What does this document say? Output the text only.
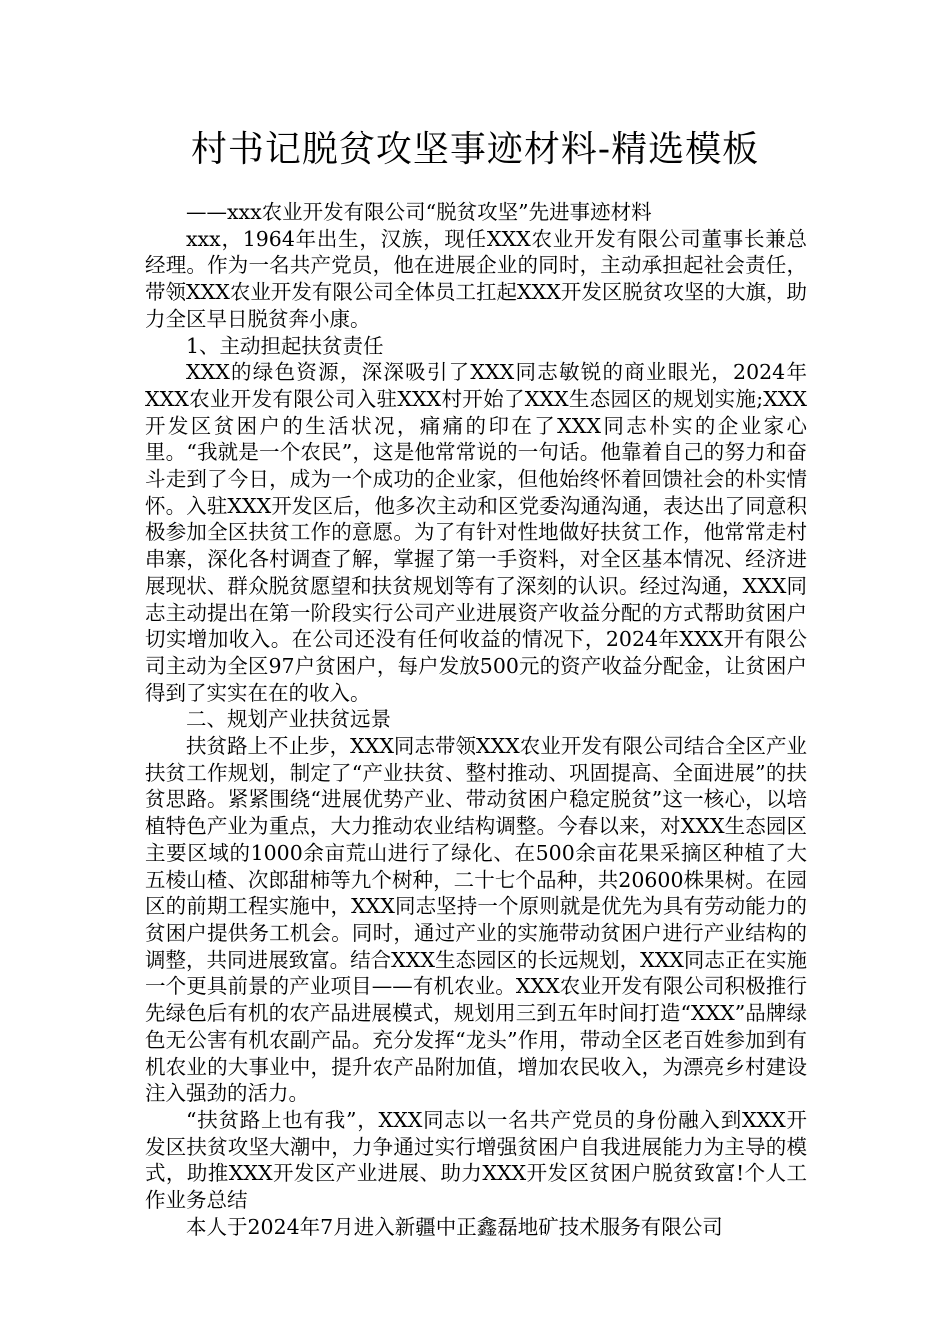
村书记脱贫攻坚事迹材料-精选模板

——xxx农业开发有限公司“脱贫攻坚”先进事迹材料

xxx，1964年出生，汉族，现任XXX农业开发有限公司董事长兼总经理。作为一名共产党员，他在进展企业的同时，主动承担起社会责任，带领XXX农业开发有限公司全体员工扛起XXX开发区脱贫攻坚的大旗，助力全区早日脱贫奔小康。

1、主动担起扶贫责任

XXX的绿色资源，深深吸引了XXX同志敏锐的商业眼光，2024年XXX农业开发有限公司入驻XXX村开始了XXX生态园区的规划实施;XXX开发区贫困户的生活状况，痛痛的印在了XXX同志朴实的企业家心里。“我就是一个农民”，这是他常常说的一句话。他靠着自己的努力和奋斗走到了今日，成为一个成功的企业家，但他始终怀着回馈社会的朴实情怀。入驻XXX开发区后，他多次主动和区党委沟通沟通，表达出了同意积极参加全区扶贫工作的意愿。为了有针对性地做好扶贫工作，他常常走村串寨，深化各村调查了解，掌握了第一手资料，对全区基本情况、经济进展现状、群众脱贫愿望和扶贫规划等有了深刻的认识。经过沟通，XXX同志主动提出在第一阶段实行公司产业进展资产收益分配的方式帮助贫困户切实增加收入。在公司还没有任何收益的情况下，2024年XXX开有限公司主动为全区97户贫困户，每户发放500元的资产收益分配金，让贫困户得到了实实在在的收入。

二、规划产业扶贫远景

扶贫路上不止步，XXX同志带领XXX农业开发有限公司结合全区产业扶贫工作规划，制定了“产业扶贫、整村推动、巩固提高、全面进展”的扶贫思路。紧紧围绕“进展优势产业、带动贫困户稳定脱贫”这一核心，以培植特色产业为重点，大力推动农业结构调整。今春以来，对XXX生态园区主要区域的1000余亩荒山进行了绿化、在500余亩花果采摘区种植了大五棱山楂、次郎甜柿等九个树种，二十七个品种，共20600株果树。在园区的前期工程实施中，XXX同志坚持一个原则就是优先为具有劳动能力的贫困户提供务工机会。同时，通过产业的实施带动贫困户进行产业结构的调整，共同进展致富。结合XXX生态园区的长远规划，XXX同志正在实施一个更具前景的产业项目——有机农业。XXX农业开发有限公司积极推行先绿色后有机的农产品进展模式，规划用三到五年时间打造“XXX”品牌绿色无公害有机农副产品。充分发挥“龙头”作用，带动全区老百姓参加到有机农业的大事业中，提升农产品附加值，增加农民收入，为漂亮乡村建设注入强劲的活力。

“扶贫路上也有我”，XXX同志以一名共产党员的身份融入到XXX开发区扶贫攻坚大潮中，力争通过实行增强贫困户自我进展能力为主导的模式，助推XXX开发区产业进展、助力XXX开发区贫困户脱贫致富!个人工作业务总结

本人于2024年7月进入新疆中正鑫磊地矿技术服务有限公司
